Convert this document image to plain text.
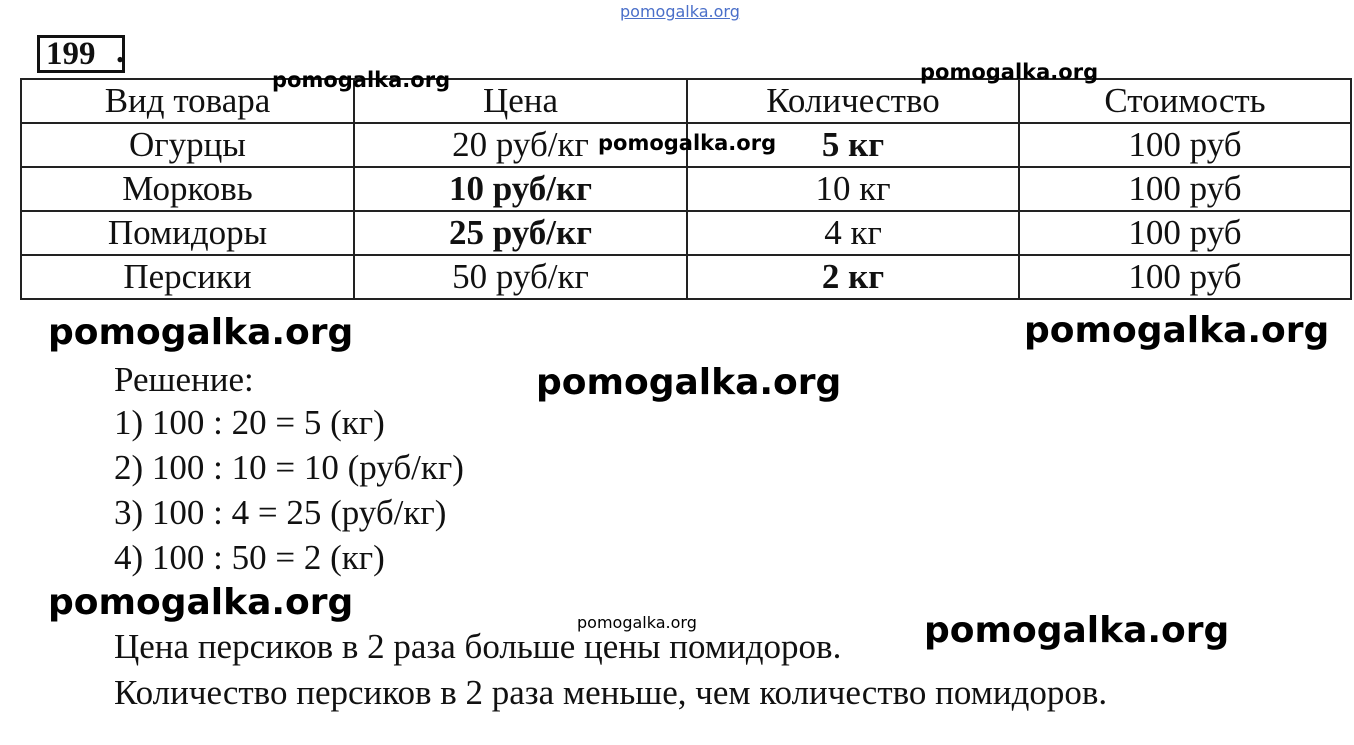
pomogalka.org
199 .
Вид товара	Цена	Количество	Стоимость
Огурцы	20 руб/кг	5 кг	100 руб
Морковь	10 руб/кг	10 кг	100 руб
Помидоры	25 руб/кг	4 кг	100 руб
Персики	50 руб/кг	2 кг	100 руб
Решение:
1) 100 : 20 = 5 (кг)
2) 100 : 10 = 10 (руб/кг)
3) 100 : 4 = 25 (руб/кг)
4) 100 : 50 = 2 (кг)
Цена персиков в 2 раза больше цены помидоров.
Количество персиков в 2 раза меньше, чем количество помидоров.
pomogalka.org	pomogalka.org
pomogalka.org
pomogalka.org	pomogalka.org
pomogalka.org
pomogalka.org	pomogalka.org	pomogalka.org
